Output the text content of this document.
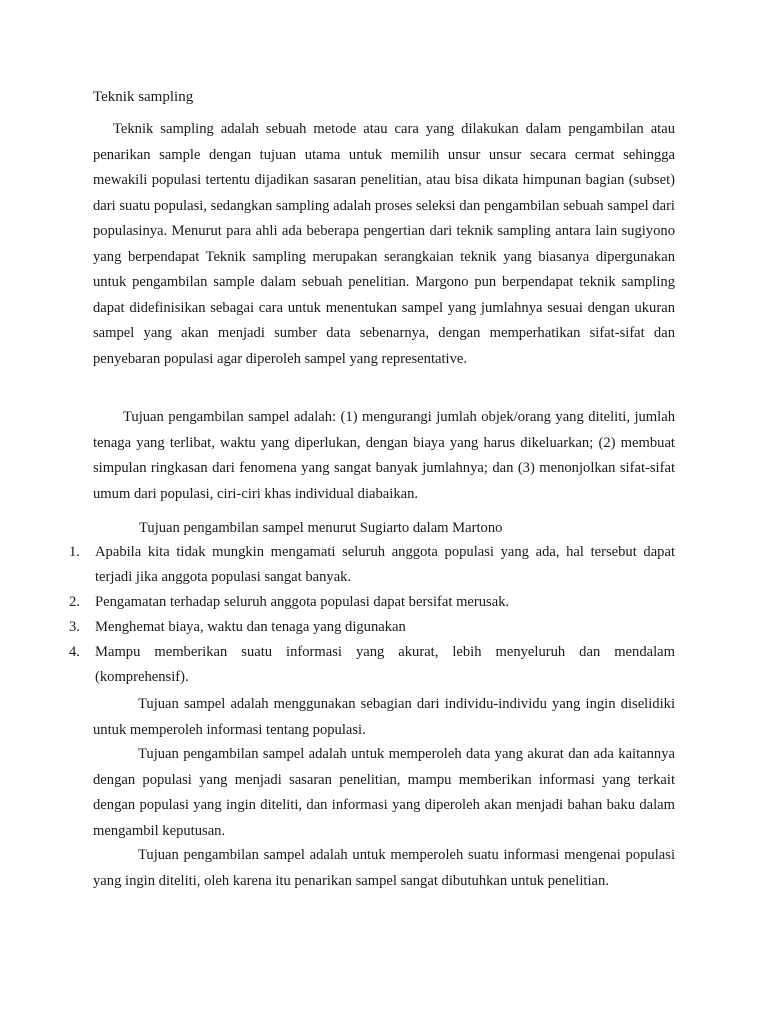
Teknik sampling

Teknik sampling adalah sebuah metode atau cara yang dilakukan dalam pengambilan atau penarikan sample dengan tujuan utama untuk memilih unsur unsur secara cermat sehingga mewakili populasi tertentu dijadikan sasaran penelitian, atau bisa dikata himpunan bagian (subset) dari suatu populasi, sedangkan sampling adalah proses seleksi dan pengambilan sebuah sampel dari populasinya. Menurut para ahli ada beberapa pengertian dari teknik sampling antara lain sugiyono yang berpendapat Teknik sampling merupakan serangkaian teknik yang biasanya dipergunakan untuk pengambilan sample dalam sebuah penelitian. Margono pun berpendapat teknik sampling dapat didefinisikan sebagai cara untuk menentukan sampel yang jumlahnya sesuai dengan ukuran sampel yang akan menjadi sumber data sebenarnya, dengan memperhatikan sifat-sifat dan penyebaran populasi agar diperoleh sampel yang representative.

Tujuan pengambilan sampel adalah: (1) mengurangi jumlah objek/orang yang diteliti, jumlah tenaga yang terlibat, waktu yang diperlukan, dengan biaya yang harus dikeluarkan; (2) membuat simpulan ringkasan dari fenomena yang sangat banyak jumlahnya; dan (3) menonjolkan sifat-sifat umum dari populasi, ciri-ciri khas individual diabaikan.

Tujuan pengambilan sampel menurut Sugiarto dalam Martono

1. Apabila kita tidak mungkin mengamati seluruh anggota populasi yang ada, hal tersebut dapat terjadi jika anggota populasi sangat banyak.
2. Pengamatan terhadap seluruh anggota populasi dapat bersifat merusak.
3. Menghemat biaya, waktu dan tenaga yang digunakan
4. Mampu memberikan suatu informasi yang akurat, lebih menyeluruh dan mendalam (komprehensif).

Tujuan sampel adalah menggunakan sebagian dari individu-individu yang ingin diselidiki untuk memperoleh informasi tentang populasi.

Tujuan pengambilan sampel adalah untuk memperoleh data yang akurat dan ada kaitannya dengan populasi yang menjadi sasaran penelitian, mampu memberikan informasi yang terkait dengan populasi yang ingin diteliti, dan informasi yang diperoleh akan menjadi bahan baku dalam mengambil keputusan.

Tujuan pengambilan sampel adalah untuk memperoleh suatu informasi mengenai populasi yang ingin diteliti, oleh karena itu penarikan sampel sangat dibutuhkan untuk penelitian.
